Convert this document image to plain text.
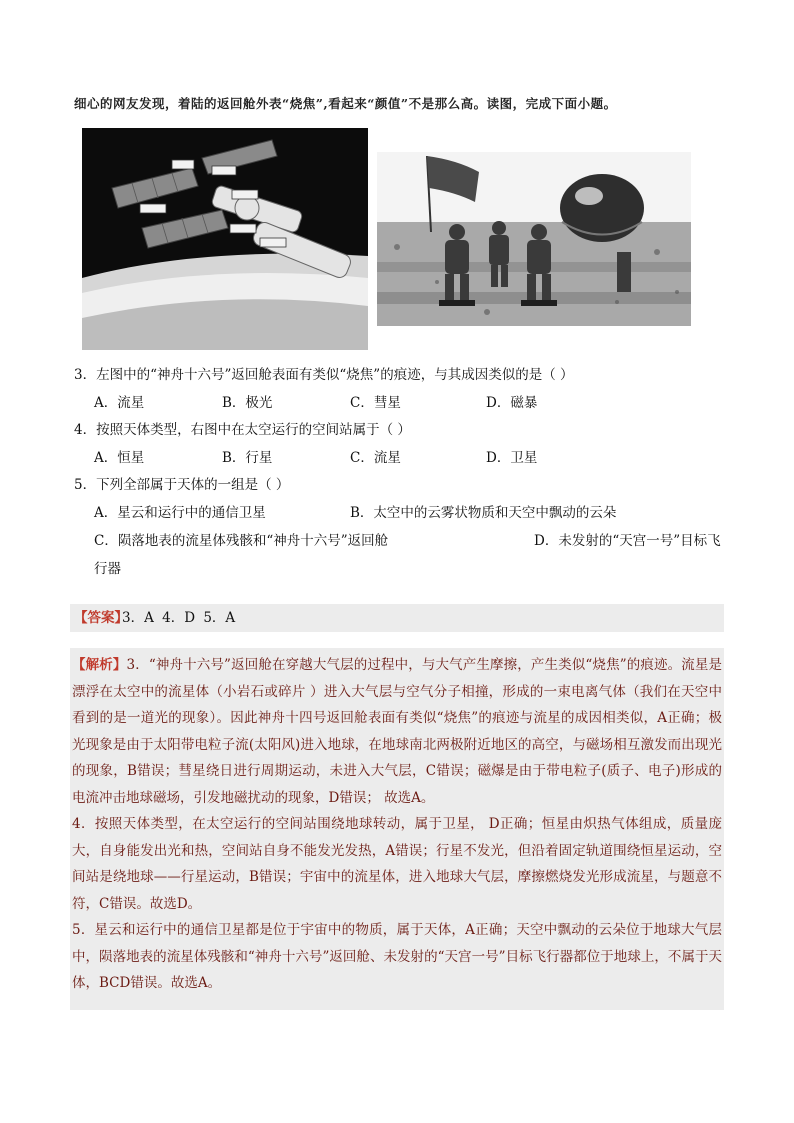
细心的网友发现，着陆的返回舱外表“烧焦”,看起来“颜值”不是那么高。读图，完成下面小题。
3．左图中的“神舟十六号”返回舱表面有类似“烧焦”的痕迹，与其成因类似的是（ ）
A．流星	B．极光	C．彗星	D．磁暴
4．按照天体类型，右图中在太空运行的空间站属于（ ）
A．恒星	B．行星	C．流星	D．卫星
5．下列全部属于天体的一组是（ ）
A．星云和运行中的通信卫星	B．太空中的云雾状物质和天空中飘动的云朵
C．陨落地表的流星体残骸和“神舟十六号”返回舱	D．未发射的“天宫一号”目标飞
行器
【答案】
3．A 4．D 5．A

【解析】3．“神舟十六号”返回舱在穿越大气层的过程中，与大气产生摩擦，产生类似“烧焦”的痕迹。流星是漂浮在太空中的流星体（小岩石或碎片 ）进入大气层与空气分子相撞，形成的一束电离气体（我们在天空中看到的是一道光的现象）。因此神舟十四号返回舱表面有类似“烧焦”的痕迹与流星的成因相类似，A正确；极光现象是由于太阳带电粒子流(太阳风)进入地球，在地球南北两极附近地区的高空，与磁场相互激发而出现光的现象，B错误；彗星绕日进行周期运动，未进入大气层，C错误；磁爆是由于带电粒子(质子、电子)形成的电流冲击地球磁场，引发地磁扰动的现象，D错误； 故选A。

4．按照天体类型，在太空运行的空间站围绕地球转动，属于卫星， D正确；恒星由炽热气体组成，质量庞大，自身能发出光和热，空间站自身不能发光发热，A错误；行星不发光，但沿着固定轨道围绕恒星运动，空间站是绕地球——行星运动，B错误；宇宙中的流星体，进入地球大气层，摩擦燃烧发光形成流星，与题意不符，C错误。故选D。

5．星云和运行中的通信卫星都是位于宇宙中的物质，属于天体，A正确；天空中飘动的云朵位于地球大气层中，陨落地表的流星体残骸和“神舟十六号”返回舱、未发射的“天宫一号”目标飞行器都位于地球上，不属于天体，BCD错误。故选A。
